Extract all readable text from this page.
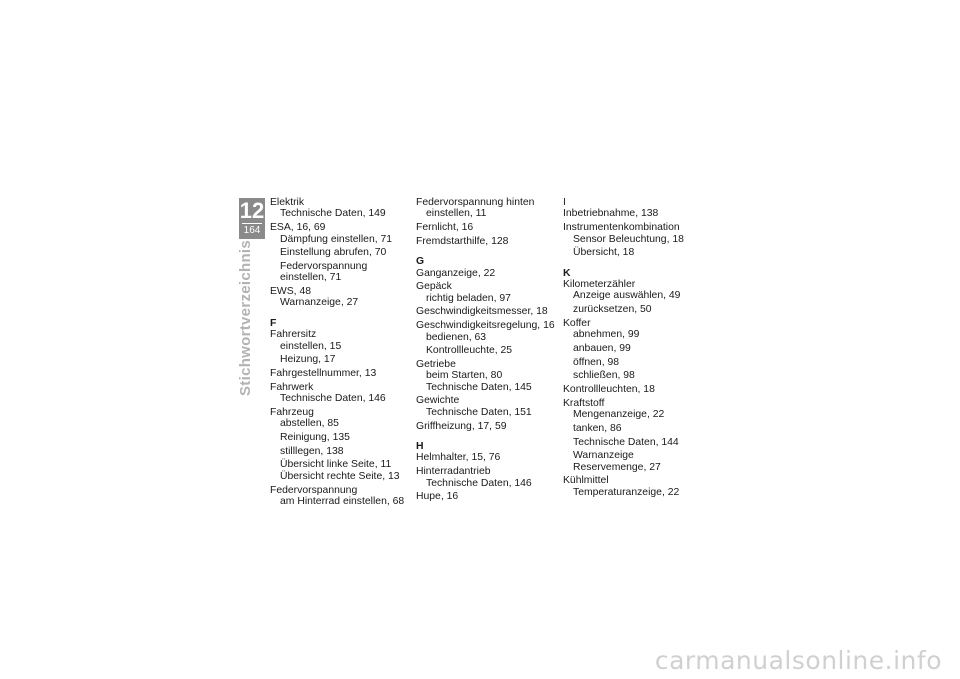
12
164
Stichwortverzeichnis
Elektrik
Technische Daten, 149
ESA, 16, 69
Dämpfung einstellen, 71
Einstellung abrufen, 70
Federvorspannung
einstellen, 71
EWS, 48
Warnanzeige, 27
F
Fahrersitz
einstellen, 15
Heizung, 17
Fahrgestellnummer, 13
Fahrwerk
Technische Daten, 146
Fahrzeug
abstellen, 85
Reinigung, 135
stilllegen, 138
Übersicht linke Seite, 11
Übersicht rechte Seite, 13
Federvorspannung
am Hinterrad einstellen, 68
Federvorspannung hinten
einstellen, 11
Fernlicht, 16
Fremdstarthilfe, 128
G
Ganganzeige, 22
Gepäck
richtig beladen, 97
Geschwindigkeitsmesser, 18
Geschwindigkeitsregelung, 16
bedienen, 63
Kontrollleuchte, 25
Getriebe
beim Starten, 80
Technische Daten, 145
Gewichte
Technische Daten, 151
Griffheizung, 17, 59
H
Helmhalter, 15, 76
Hinterradantrieb
Technische Daten, 146
Hupe, 16
I
Inbetriebnahme, 138
Instrumentenkombination
Sensor Beleuchtung, 18
Übersicht, 18
K
Kilometerzähler
Anzeige auswählen, 49
zurücksetzen, 50
Koffer
abnehmen, 99
anbauen, 99
öffnen, 98
schließen, 98
Kontrollleuchten, 18
Kraftstoff
Mengenanzeige, 22
tanken, 86
Technische Daten, 144
Warnanzeige
Reservemenge, 27
Kühlmittel
Temperaturanzeige, 22
carmanualsonline.info
